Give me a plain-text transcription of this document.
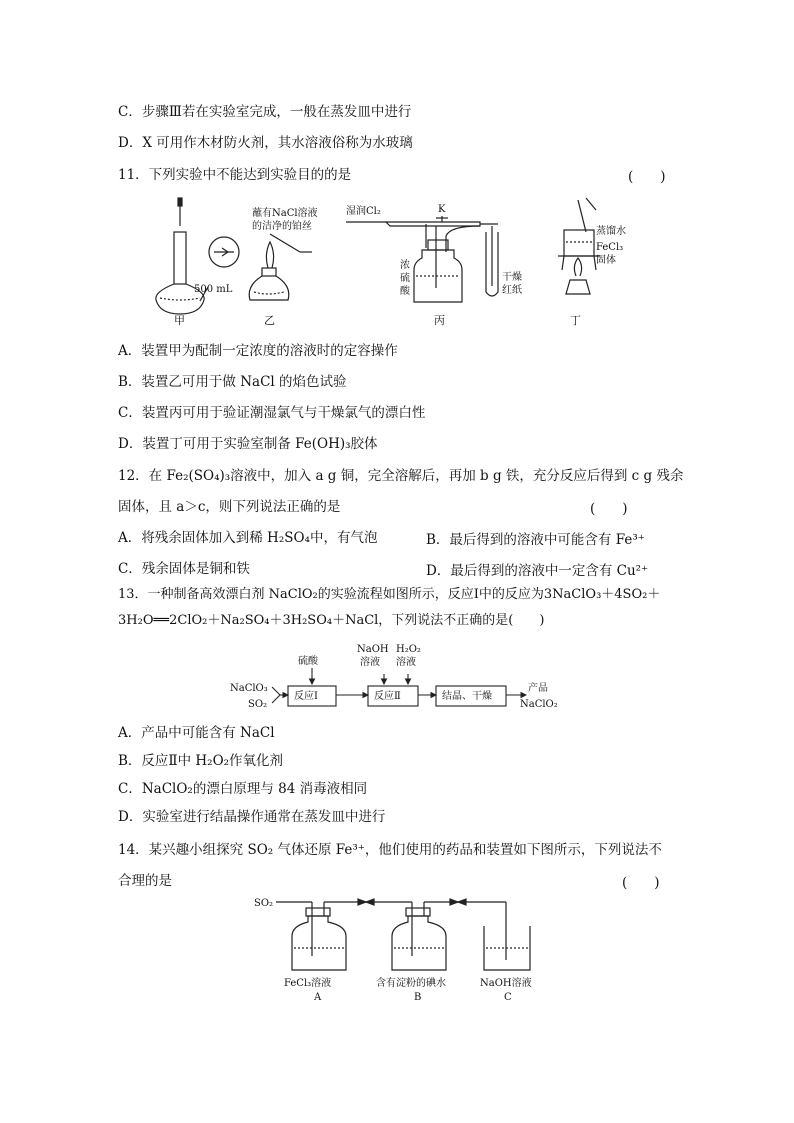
C．步骤Ⅲ若在实验室完成，一般在蒸发皿中进行
D．X 可用作木材防火剂，其水溶液俗称为水玻璃
11．下列实验中不能达到实验目的的是	(　　)
500 mL
甲
蘸有NaCl溶液
的洁净的铂丝
乙
湿润Cl₂	K
浓
硫
酸
干燥
红纸
丙
蒸馏水
FeCl₃
固体
丁
A．装置甲为配制一定浓度的溶液时的定容操作
B．装置乙可用于做 NaCl 的焰色试验
C．装置丙可用于验证潮湿氯气与干燥氯气的漂白性
D．装置丁可用于实验室制备 Fe(OH)₃胶体
12．在 Fe₂(SO₄)₃溶液中，加入 a g 铜，完全溶解后，再加 b g 铁，充分反应后得到 c g 残余
固体，且 a＞c，则下列说法正确的是	(　　)
A．将残余固体加入到稀 H₂SO₄中，有气泡	B．最后得到的溶液中可能含有 Fe³⁺
C．残余固体是铜和铁	D．最后得到的溶液中一定含有 Cu²⁺
13．一种制备高效漂白剂 NaClO₂的实验流程如图所示，反应Ⅰ中的反应为3NaClO₃＋4SO₂＋
3H₂O══2ClO₂＋Na₂SO₄＋3H₂SO₄＋NaCl，下列说法不正确的是(　　)
NaClO₃
SO₂
硫酸
反应Ⅰ
NaOH
溶液
H₂O₂
溶液
反应Ⅱ	结晶、干燥
产品
NaClO₂
A．产品中可能含有 NaCl
B．反应Ⅱ中 H₂O₂作氧化剂
C．NaClO₂的漂白原理与 84 消毒液相同
D．实验室进行结晶操作通常在蒸发皿中进行
14．某兴趣小组探究 SO₂ 气体还原 Fe³⁺，他们使用的药品和装置如下图所示，下列说法不
合理的是	(　　)
SO₂
FeCl₃溶液
A
含有淀粉的碘水
B
NaOH溶液
C
